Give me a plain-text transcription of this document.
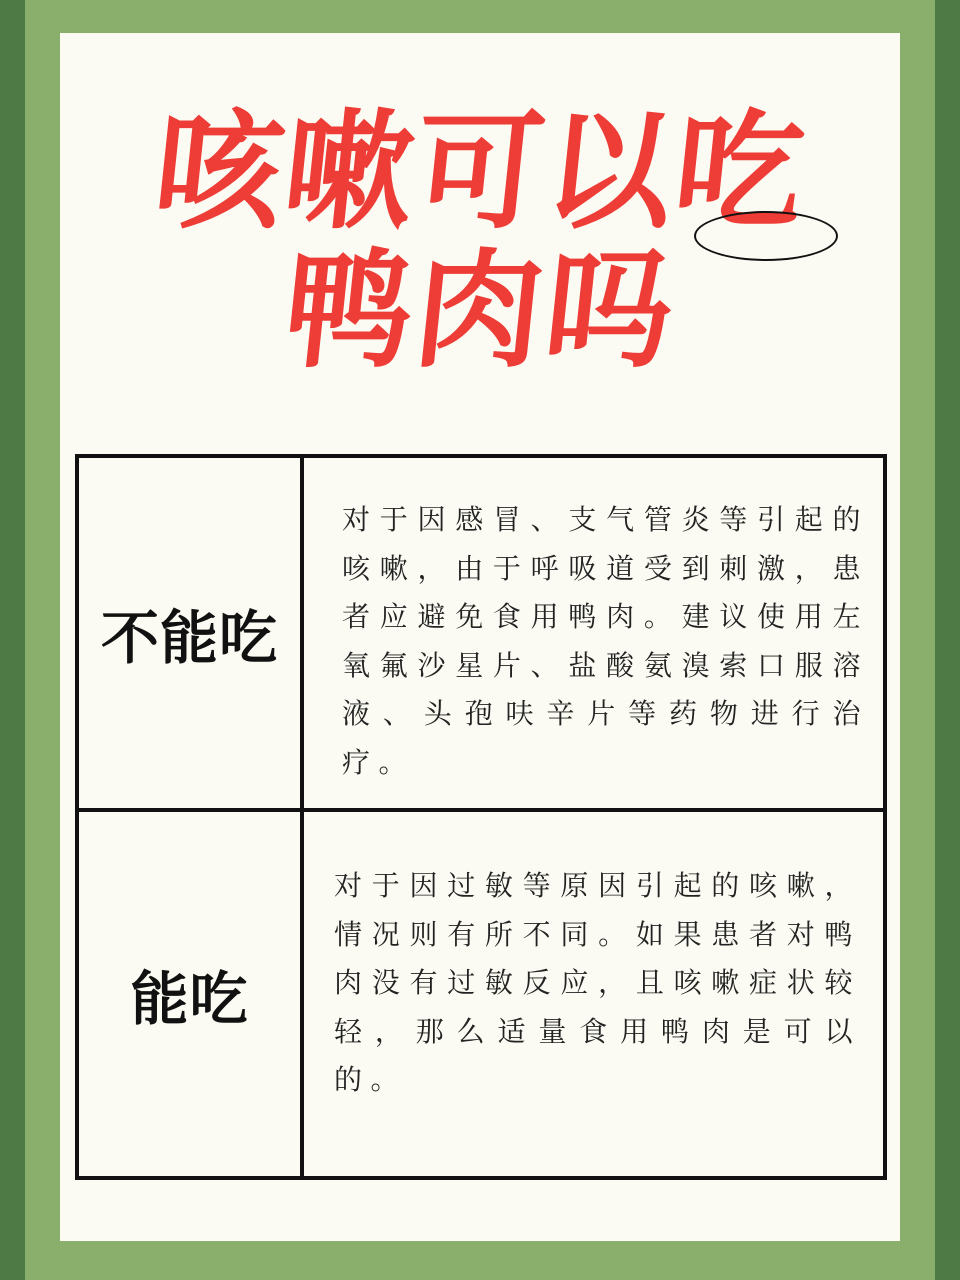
咳嗽可以吃
鸭肉吗
不能吃

对于因感冒、支气管炎等引起的咳嗽，由于呼吸道受到刺激，患者应避免食用鸭肉。建议使用左氧氟沙星片、盐酸氨溴索口服溶液、头孢呋辛片等药物进行治疗。

能吃

对于因过敏等原因引起的咳嗽，情况则有所不同。如果患者对鸭肉没有过敏反应，且咳嗽症状较轻，那么适量食用鸭肉是可以的。
